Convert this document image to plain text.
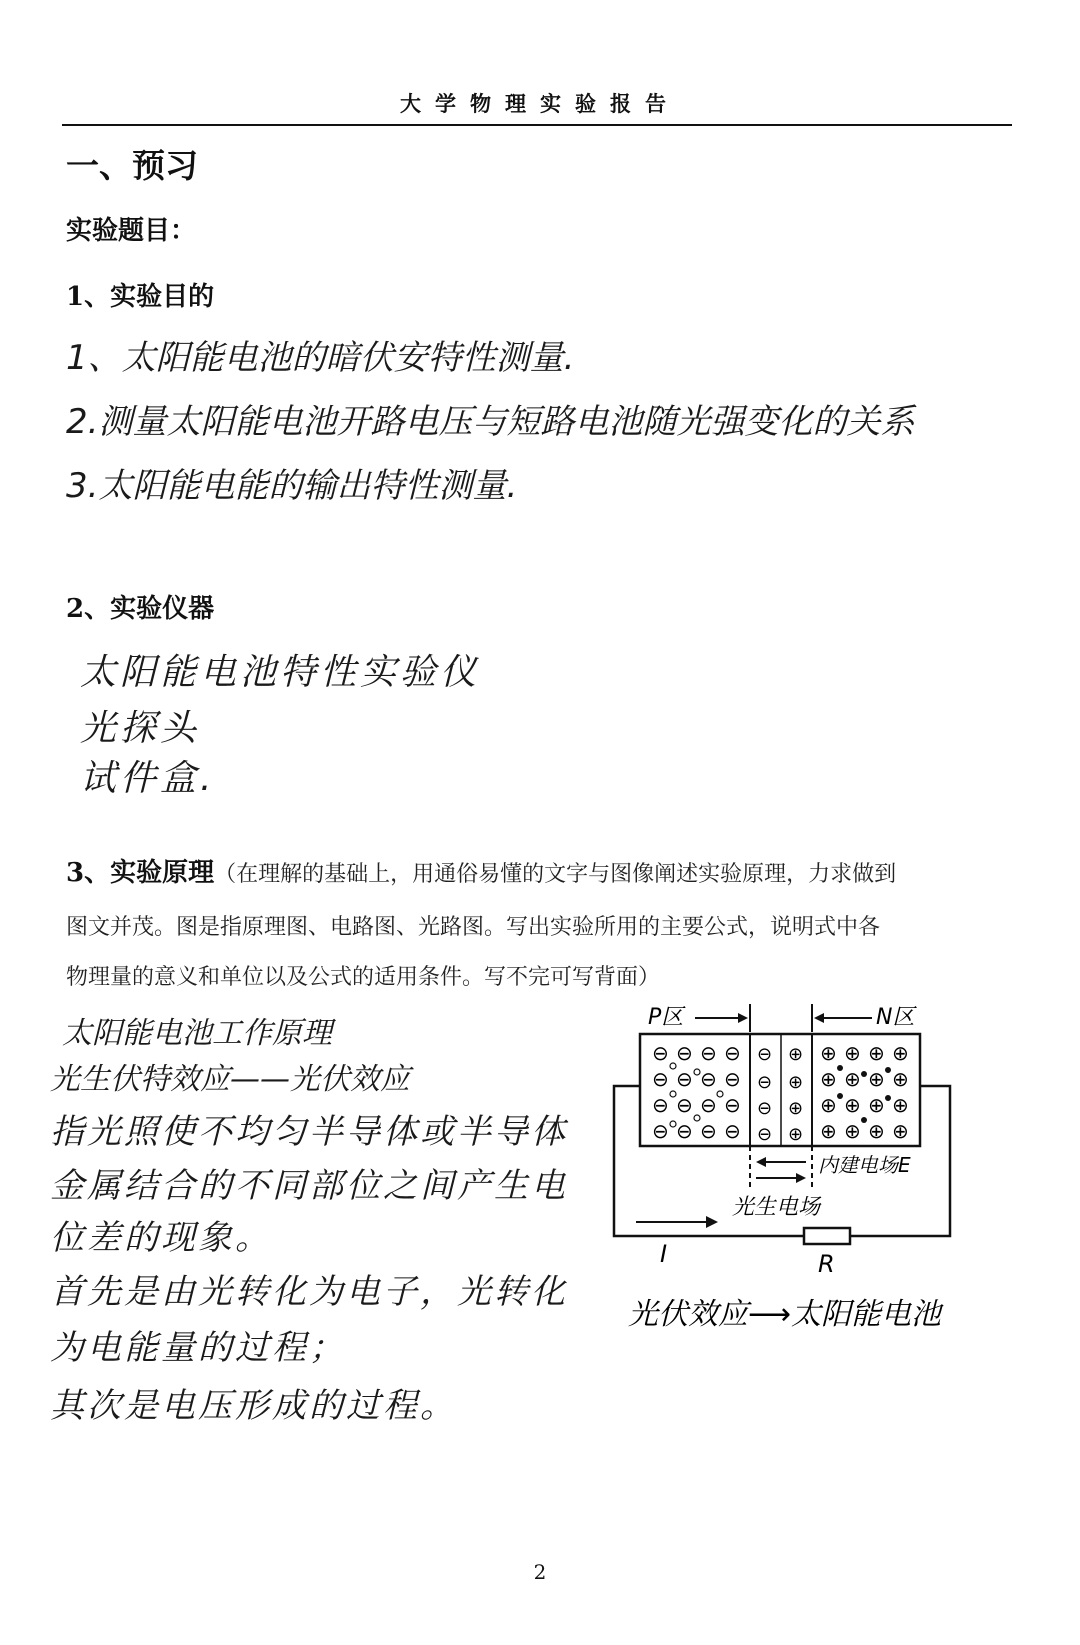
大学物理实验报告
一、预习
实验题目：
1、实验目的
1、太阳能电池的暗伏安特性测量.
2.测量太阳能电池开路电压与短路电池随光强变化的关系
3.太阳能电能的输出特性测量.
2、实验仪器
太阳能电池特性实验仪
光探头
试件盒.
3、实验原理（在理解的基础上，用通俗易懂的文字与图像阐述实验原理，力求做到
图文并茂。图是指原理图、电路图、光路图。写出实验所用的主要公式，说明式中各
物理量的意义和单位以及公式的适用条件。写不完可写背面）
太阳能电池工作原理
光生伏特效应——光伏效应
指光照使不均匀半导体或半导体
金属结合的不同部位之间产生电
位差的现象。
首先是由光转化为电子，光转化
为电能量的过程；
其次是电压形成的过程。
P区	N区
⊖ ⊖ ⊖ ⊖
⊖ ⊖ ⊖ ⊖
⊖ ⊖ ⊖ ⊖
⊖ ⊖ ⊖ ⊖
⊖
⊖
⊖
⊖
⊕
⊕
⊕
⊕
⊕ ⊕ ⊕ ⊕
⊕ ⊕ ⊕ ⊕
⊕ ⊕ ⊕ ⊕
⊕ ⊕ ⊕ ⊕
内建电场E
光生电场
R
I
光伏效应⟶太阳能电池
2
